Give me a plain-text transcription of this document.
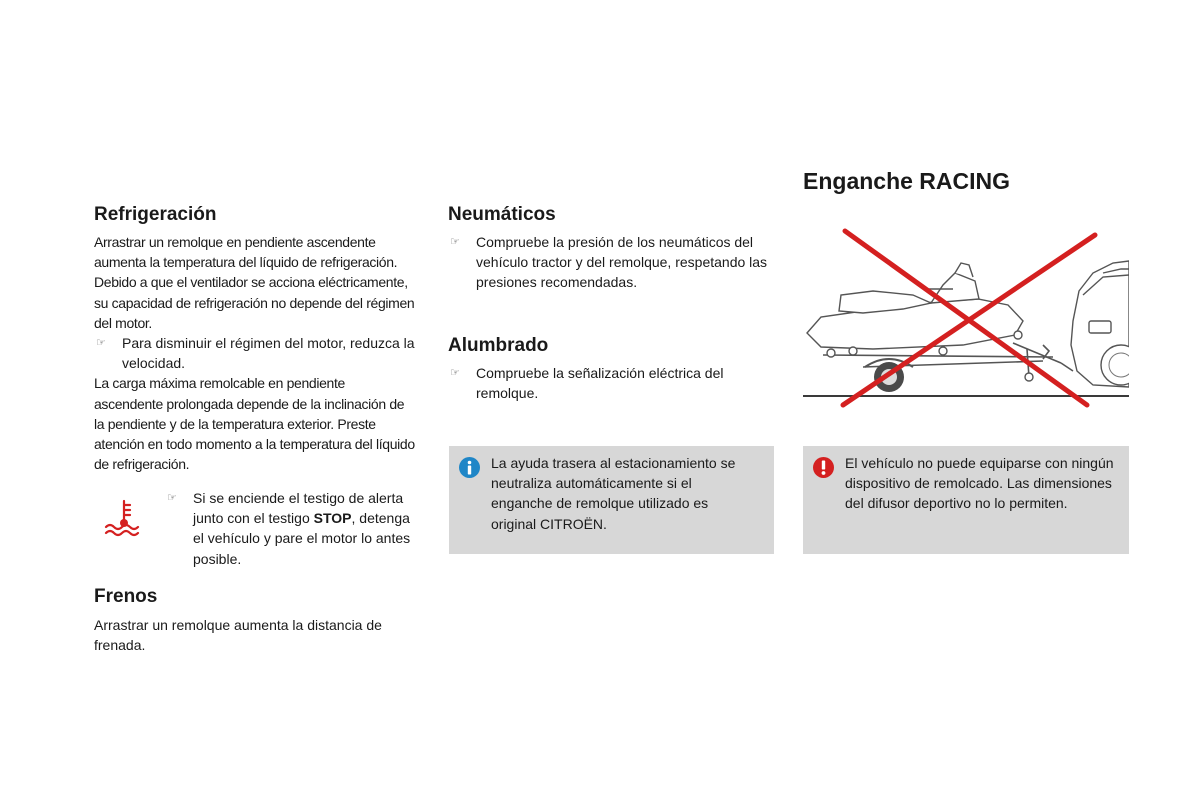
Refrigeración

Arrastrar un remolque en pendiente ascendente aumenta la temperatura del líquido de refrigeración. Debido a que el ventilador se acciona eléctricamente, su capacidad de refrigeración no depende del régimen del motor.

☞ Para disminuir el régimen del motor, reduzca la velocidad.

La carga máxima remolcable en pendiente ascendente prolongada depende de la inclinación de la pendiente y de la temperatura exterior. Preste atención en todo momento a la temperatura del líquido de refrigeración.

☞ Si se enciende el testigo de alerta junto con el testigo STOP, detenga el vehículo y pare el motor lo antes posible.
Frenos

Arrastrar un remolque aumenta la distancia de frenada.

Neumáticos
☞ Compruebe la presión de los neumáticos del vehículo tractor y del remolque, respetando las presiones recomendadas.
Alumbrado
☞ Compruebe la señalización eléctrica del remolque.
La ayuda trasera al estacionamiento se neutraliza automáticamente si el enganche de remolque utilizado es original CITROËN.
Enganche RACING
El vehículo no puede equiparse con ningún dispositivo de remolcado. Las dimensiones del difusor deportivo no lo permiten.
